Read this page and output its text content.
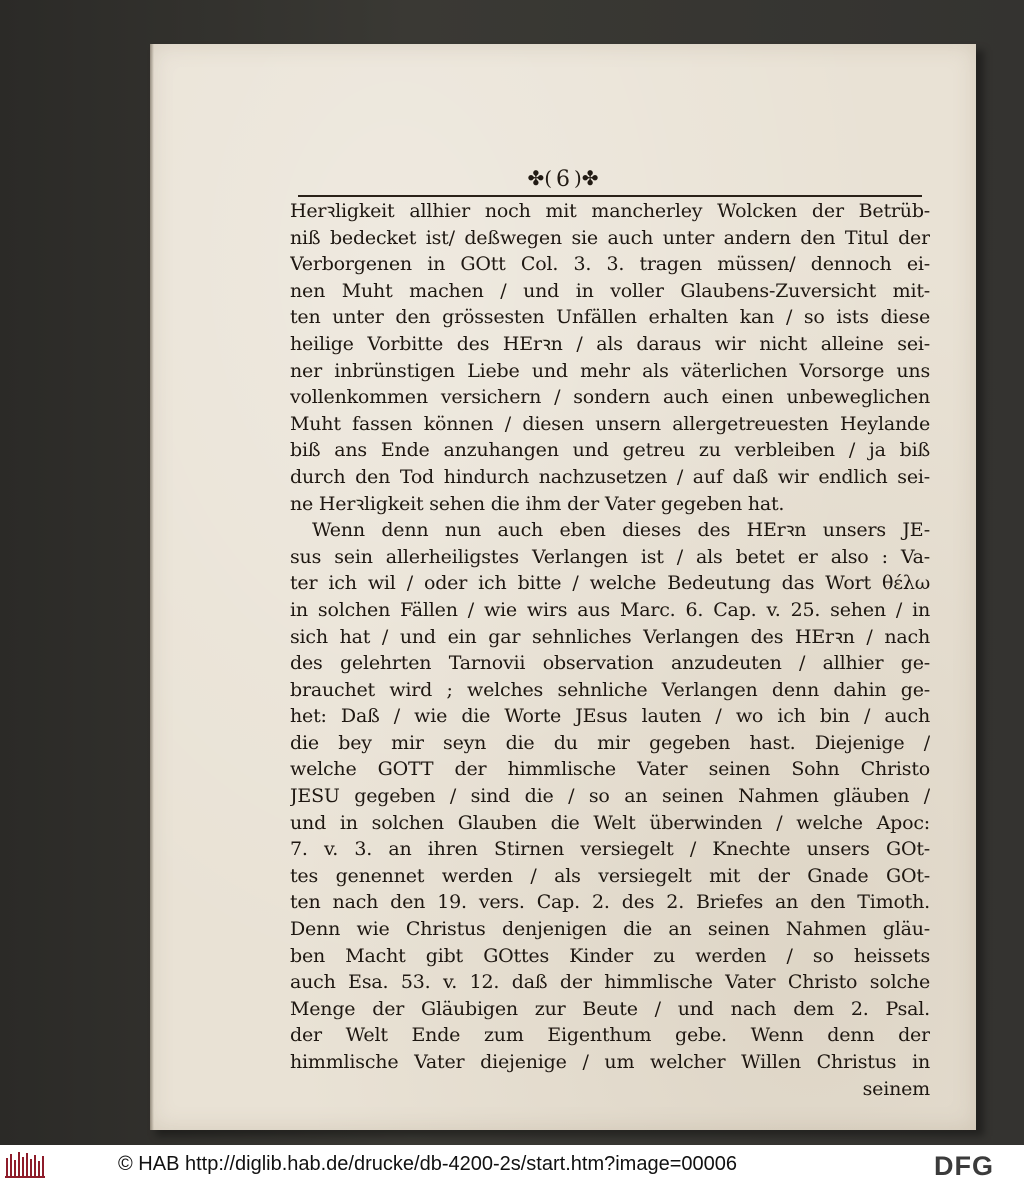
✤( 6 )✤
Herꝛligkeit allhier noch mit mancherley Wolcken der Betrüb-
niß bedecket ist/ deßwegen sie auch unter andern den Titul der
Verborgenen in GOtt Col. 3. 3. tragen müssen/ dennoch ei-
nen Muht machen / und in voller Glaubens-Zuversicht mit-
ten unter den grössesten Unfällen erhalten kan / so ists diese
heilige Vorbitte des HErꝛn / als daraus wir nicht alleine sei-
ner inbrünstigen Liebe und mehr als väterlichen Vorsorge uns
vollenkommen versichern / sondern auch einen unbeweglichen
Muht fassen können / diesen unsern allergetreuesten Heylande
biß ans Ende anzuhangen und getreu zu verbleiben / ja biß
durch den Tod hindurch nachzusetzen / auf daß wir endlich sei-
ne Herꝛligkeit sehen die ihm der Vater gegeben hat.
Wenn denn nun auch eben dieses des HErꝛn unsers JE-
sus sein allerheiligstes Verlangen ist / als betet er also : Va-
ter ich wil / oder ich bitte / welche Bedeutung das Wort θέλω
in solchen Fällen / wie wirs aus Marc. 6. Cap. v. 25. sehen / in
sich hat / und ein gar sehnliches Verlangen des HErꝛn / nach
des gelehrten Tarnovii observation anzudeuten / allhier ge-
brauchet wird ; welches sehnliche Verlangen denn dahin ge-
het: Daß / wie die Worte JEsus lauten / wo ich bin / auch
die bey mir seyn die du mir gegeben hast. Diejenige /
welche GOTT der himmlische Vater seinen Sohn Christo
JESU gegeben / sind die / so an seinen Nahmen gläuben /
und in solchen Glauben die Welt überwinden / welche Apoc:
7. v. 3. an ihren Stirnen versiegelt / Knechte unsers GOt-
tes genennet werden / als versiegelt mit der Gnade GOt-
ten nach den 19. vers. Cap. 2. des 2. Briefes an den Timoth.
Denn wie Christus denjenigen die an seinen Nahmen gläu-
ben Macht gibt GOttes Kinder zu werden / so heissets
auch Esa. 53. v. 12. daß der himmlische Vater Christo solche
Menge der Gläubigen zur Beute / und nach dem 2. Psal.
der Welt Ende zum Eigenthum gebe. Wenn denn der
himmlische Vater diejenige / um welcher Willen Christus in
seinem
© HAB http://diglib.hab.de/drucke/db-4200-2s/start.htm?image=00006	DFG
